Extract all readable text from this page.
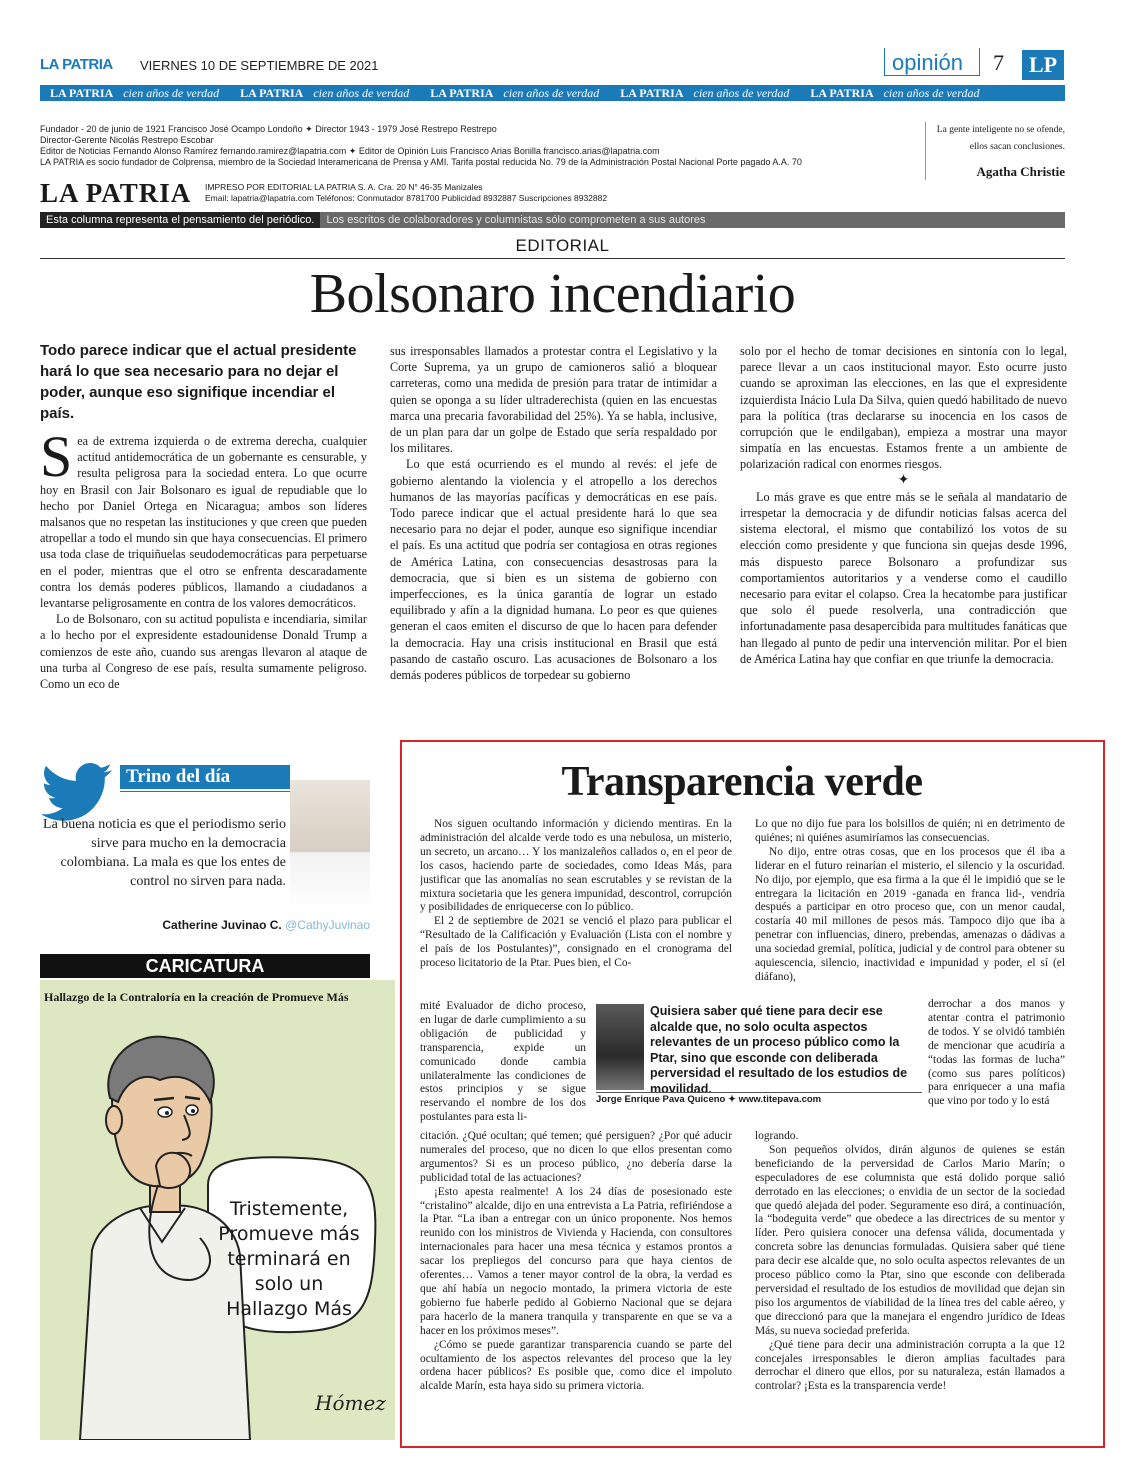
LA PATRIA VIERNES 10 DE SEPTIEMBRE DE 2021	opinión 7	LP
LA PATRIA cien años de verdad LA PATRIA cien años de verdad LA PATRIA cien años de verdad LA PATRIA cien años de verdad LA PATRIA cien años de verdad
Fundador - 20 de junio de 1921 Francisco José Ocampo Londoño ✦ Director 1943 - 1979 José Restrepo Restrepo
Director-Gerente Nicolás Restrepo Escobar
Editor de Noticias Fernando Alonso Ramírez fernando.ramirez@lapatria.com ✦ Editor de Opinión Luis Francisco Arias Bonilla francisco.arias@lapatria.com
LA PATRIA es socio fundador de Colprensa, miembro de la Sociedad Interamericana de Prensa y AMI. Tarifa postal reducida No. 79 de la Administración Postal Nacional Porte pagado A.A. 70
LA PATRIA IMPRESO POR EDITORIAL LA PATRIA S. A. Cra. 20 N° 46-35 Manizales
Email: lapatria@lapatria.com Teléfonos: Conmutador 8781700 Publicidad 8932887 Suscripciones 8932882
La gente inteligente no se ofende,
ellos sacan conclusiones.
Agatha Christie
Esta columna representa el pensamiento del periódico. Los escritos de colaboradores y columnistas sólo comprometen a sus autores
EDITORIAL
Bolsonaro incendiario
Todo parece indicar que el actual presidente hará lo que sea necesario para no dejar el poder, aunque eso signifique incendiar el país.

Sea de extrema izquierda o de extrema derecha, cualquier actitud antidemocrática de un gobernante es censurable, y resulta peligrosa para la sociedad entera. Lo que ocurre hoy en Brasil con Jair Bolsonaro es igual de repudiable que lo hecho por Daniel Ortega en Nicaragua; ambos son líderes malsanos que no respetan las instituciones y que creen que pueden atropellar a todo el mundo sin que haya consecuencias. El primero usa toda clase de triquiñuelas seudodemocráticas para perpetuarse en el poder, mientras que el otro se enfrenta descaradamente contra los demás poderes públicos, llamando a ciudadanos a levantarse peligrosamente en contra de los valores democráticos.

Lo de Bolsonaro, con su actitud populista e incendiaria, similar a lo hecho por el expresidente estadounidense Donald Trump a comienzos de este año, cuando sus arengas llevaron al ataque de una turba al Congreso de ese país, resulta sumamente peligroso. Como un eco de

sus irresponsables llamados a protestar contra el Legislativo y la Corte Suprema, ya un grupo de camioneros salió a bloquear carreteras, como una medida de presión para tratar de intimidar a quien se oponga a su líder ultraderechista (quien en las encuestas marca una precaria favorabilidad del 25%). Ya se habla, inclusive, de un plan para dar un golpe de Estado que sería respaldado por los militares.

Lo que está ocurriendo es el mundo al revés: el jefe de gobierno alentando la violencia y el atropello a los derechos humanos de las mayorías pacíficas y democráticas en ese país. Todo parece indicar que el actual presidente hará lo que sea necesario para no dejar el poder, aunque eso signifique incendiar el país. Es una actitud que podría ser contagiosa en otras regiones de América Latina, con consecuencias desastrosas para la democracia, que si bien es un sistema de gobierno con imperfecciones, es la única garantía de lograr un estado equilibrado y afín a la dignidad humana. Lo peor es que quienes generan el caos emiten el discurso de que lo hacen para defender la democracia. Hay una crisis institucional en Brasil que está pasando de castaño oscuro. Las acusaciones de Bolsonaro a los demás poderes públicos de torpedear su gobierno

solo por el hecho de tomar decisiones en sintonía con lo legal, parece llevar a un caos institucional mayor. Esto ocurre justo cuando se aproximan las elecciones, en las que el expresidente izquierdista Inácio Lula Da Silva, quien quedó habilitado de nuevo para la política (tras declararse su inocencia en los casos de corrupción que le endilgaban), empieza a mostrar una mayor simpatía en las encuestas. Estamos frente a un ambiente de polarización radical con enormes riesgos.

✦

Lo más grave es que entre más se le señala al mandatario de irrespetar la democracia y de difundir noticias falsas acerca del sistema electoral, el mismo que contabilizó los votos de su elección como presidente y que funciona sin quejas desde 1996, más dispuesto parece Bolsonaro a profundizar sus comportamientos autoritarios y a venderse como el caudillo necesario para evitar el colapso. Crea la hecatombe para justificar que solo él puede resolverla, una contradicción que infortunadamente pasa desapercibida para multitudes fanáticas que han llegado al punto de pedir una intervención militar. Por el bien de América Latina hay que confiar en que triunfe la democracia.

Trino del día
La buena noticia es que el periodismo serio sirve para mucho en la democracia colombiana. La mala es que los entes de control no sirven para nada.
Catherine Juvinao C. @CathyJuvinao
CARICATURA
Hómez
Hallazgo de la Contraloría en la creación de Promueve Más
Tristemente, Promueve más terminará en solo un Hallazgo Más
Transparencia verde

Nos siguen ocultando información y diciendo mentiras. En la administración del alcalde verde todo es una nebulosa, un misterio, un secreto, un arcano… Y los manizaleños callados o, en el peor de los casos, haciendo parte de sociedades, como Ideas Más, para justificar que las anomalías no sean escrutables y se revistan de la mixtura societaria que les genera impunidad, descontrol, corrupción y posibilidades de enriquecerse con lo público.

El 2 de septiembre de 2021 se venció el plazo para publicar el “Resultado de la Calificación y Evaluación (Lista con el nombre y el país de los Postulantes)”, consignado en el cronograma del proceso licitatorio de la Ptar. Pues bien, el Co-

mité Evaluador de dicho proceso, en lugar de darle cumplimiento a su obligación de publicidad y transparencia, expide un comunicado donde cambia unilateralmente las condiciones de estos principios y se sigue reservando el nombre de los dos postulantes para esta li-

citación. ¿Qué ocultan; qué temen; qué persiguen? ¿Por qué aducir numerales del proceso, que no dicen lo que ellos presentan como argumentos? Si es un proceso público, ¿no debería darse la publicidad total de las actuaciones?

¡Esto apesta realmente! A los 24 días de posesionado este “cristalino” alcalde, dijo en una entrevista a La Patria, refiriéndose a la Ptar. “La iban a entregar con un único proponente. Nos hemos reunido con los ministros de Vivienda y Hacienda, con consultores internacionales para hacer una mesa técnica y estamos prontos a sacar los prepliegos del concurso para que haya cientos de oferentes… Vamos a tener mayor control de la obra, la verdad es que ahí había un negocio montado, la primera victoria de este gobierno fue haberle pedido al Gobierno Nacional que se dejara para hacerlo de la manera tranquila y transparente en que se va a hacer en los próximos meses”.

¿Cómo se puede garantizar transparencia cuando se parte del ocultamiento de los aspectos relevantes del proceso que la ley ordena hacer públicos? Es posible que, como dice el impoluto alcalde Marín, esta haya sido su primera victoria.

Lo que no dijo fue para los bolsillos de quién; ni en detrimento de quiénes; ni quiénes asumiríamos las consecuencias.

No dijo, entre otras cosas, que en los procesos que él iba a liderar en el futuro reinarían el misterio, el silencio y la oscuridad. No dijo, por ejemplo, que esa firma a la que él le impidió que se le entregara la licitación en 2019 -ganada en franca lid-, vendría después a participar en otro proceso que, con un menor caudal, costaría 40 mil millones de pesos más. Tampoco dijo que iba a penetrar con influencias, dinero, prebendas, amenazas o dádivas a una sociedad gremial, política, judicial y de control para obtener su aquiescencia, silencio, inactividad e impunidad y poder, el sí (el diáfano),

derrochar a dos manos y atentar contra el patrimonio de todos. Y se olvidó también de mencionar que acudiría a “todas las formas de lucha” (como sus pares políticos) para enriquecer a una mafia que vino por todo y lo está

logrando.

Son pequeños olvidos, dirán algunos de quienes se están beneficiando de la perversidad de Carlos Mario Marín; o especuladores de ese columnista que está dolido porque salió derrotado en las elecciones; o envidia de un sector de la sociedad que quedó alejada del poder. Seguramente eso dirá, a continuación, la “bodeguita verde” que obedece a las directrices de su mentor y líder. Pero quisiera conocer una defensa válida, documentada y concreta sobre las denuncias formuladas. Quisiera saber qué tiene para decir ese alcalde que, no solo oculta aspectos relevantes de un proceso público como la Ptar, sino que esconde con deliberada perversidad el resultado de los estudios de movilidad que dejan sin piso los argumentos de viabilidad de la línea tres del cable aéreo, y que direccionó para que la manejara el engendro jurídico de Ideas Más, su nueva sociedad preferida.

¿Qué tiene para decir una administración corrupta a la que 12 concejales irresponsables le dieron amplias facultades para derrochar el dinero que ellos, por su naturaleza, están llamados a controlar? ¡Esta es la transparencia verde!

Quisiera saber qué tiene para decir ese alcalde que, no solo oculta aspectos relevantes de un proceso público como la Ptar, sino que esconde con deliberada perversidad el resultado de los estudios de movilidad.
Jorge Enrique Pava Quiceno ✦ www.titepava.com
